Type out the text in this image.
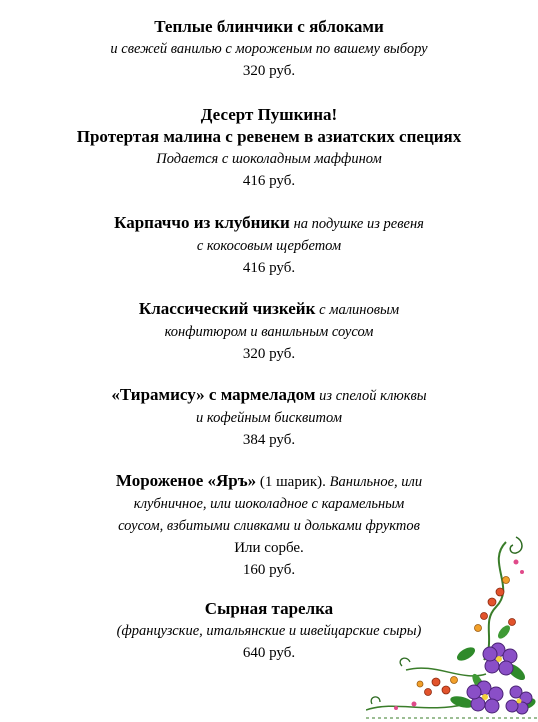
Теплые блинчики с яблоками
и свежей ванилью с мороженым по вашему выбору
320 руб.
Десерт Пушкина!
Протертая малина с ревенем в азиатских специях
Подается с шоколадным маффином
416 руб.
Карпаччо из клубники на подушке из ревеня
с кокосовым щербетом
416 руб.
Классический чизкейк с малиновым
конфитюром и ванильным соусом
320 руб.
«Тирамису» с мармеладом из спелой клюквы
и кофейным бисквитом
384 руб.
Мороженое «Яръ» (1 шарик). Ванильное, или
клубничное, или шоколадное с карамельным
соусом, взбитыми сливками и дольками фруктов
Или сорбе.
160 руб.
Сырная тарелка
(французские, итальянские и швейцарские сыры)
640 руб.
